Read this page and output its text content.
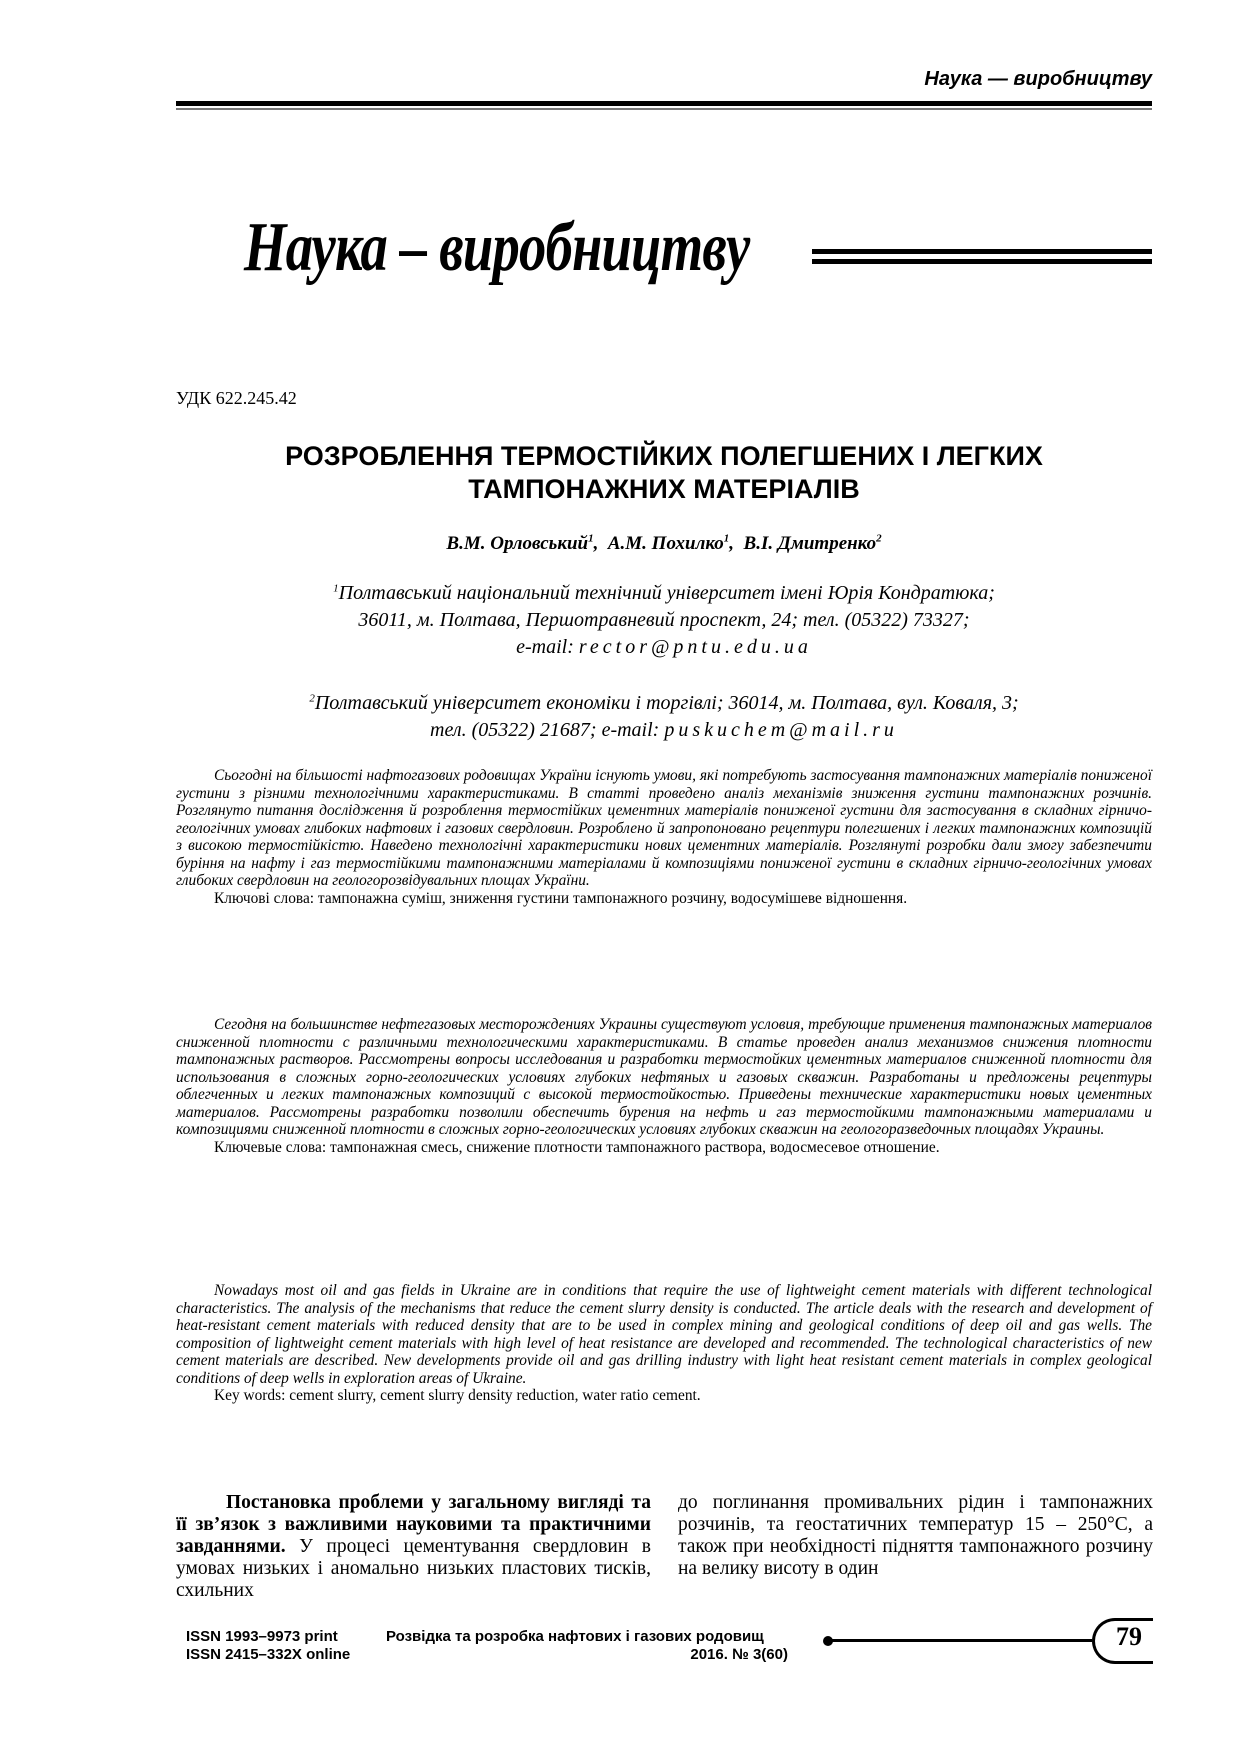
Наука — виробництву
Наука – виробництву
УДК 622.245.42
РОЗРОБЛЕННЯ ТЕРМОСТІЙКИХ ПОЛЕГШЕНИХ І ЛЕГКИХ
ТАМПОНАЖНИХ МАТЕРІАЛІВ
В.М. Орловський$^1$,  А.М. Похилко$^1$,  В.І. Дмитренко$^2$
$^1$Полтавський національний технічний університет імені Юрія Кондратюка;
36011, м. Полтава, Першотравневий проспект, 24; тел. (05322) 73327;
e-mail: rector@pntu.edu.ua
$^2$Полтавський університет економіки і торгівлі; 36014, м. Полтава, вул. Коваля, 3;
тел. (05322) 21687; e-mail: puskuchem@mail.ru

Сьогодні на більшості нафтогазових родовищах України існують умови, які потребують застосування тампонажних матеріалів пониженої густини з різними технологічними характеристиками. В статті проведено аналіз механізмів зниження густини тампонажних розчинів. Розглянуто питання дослідження й розроблення термостійких цементних матеріалів пониженої густини для застосування в складних гірничо-геологічних умовах глибоких нафтових і газових свердловин. Розроблено й запропоновано рецептури полегшених і легких тампонажних композицій з високою термостійкістю. Наведено технологічні характеристики нових цементних матеріалів. Розглянуті розробки дали змогу забезпечити буріння на нафту і газ термостійкими тампонажними матеріалами й композиціями пониженої густини в складних гірничо-геологічних умовах глибоких свердловин на геологорозвідувальних площах України.

Ключові слова: тампонажна суміш, зниження густини тампонажного розчину, водосумішеве відношення.

Сегодня на большинстве нефтегазовых месторождениях Украины существуют условия, требующие применения тампонажных материалов сниженной плотности с различными технологическими характеристиками. В статье проведен анализ механизмов снижения плотности тампонажных растворов. Рассмотрены вопросы исследования и разработки термостойких цементных материалов сниженной плотности для использования в сложных горно-геологических условиях глубоких нефтяных и газовых скважин. Разработаны и предложены рецептуры облегченных и легких тампонажных композиций с высокой термостойкостью. Приведены технические характеристики новых цементных материалов. Рассмотрены разработки позволили обеспечить бурения на нефть и газ термостойкими тампонажными материалами и композициями сниженной плотности в сложных горно-геологических условиях глубоких скважин на геологоразведочных площадях Украины.

Ключевые слова: тампонажная смесь, снижение плотности тампонажного раствора, водосмесевое отношение.

Nowadays most oil and gas fields in Ukraine are in conditions that require the use of lightweight cement materials with different technological characteristics. The analysis of the mechanisms that reduce the cement slurry density is conducted. The article deals with the research and development of heat-resistant cement materials with reduced density that are to be used in complex mining and geological conditions of deep oil and gas wells. The composition of lightweight cement materials with high level of heat resistance are developed and recommended. The technological characteristics of new cement materials are described. New developments provide oil and gas drilling industry with light heat resistant cement materials in complex geological conditions of deep wells in exploration areas of Ukraine.

Key words: cement slurry, cement slurry density reduction, water ratio cement.

Постановка проблеми у загальному вигляді та її зв’язок з важливими науковими та практичними завданнями. У процесі цементування свердловин в умовах низьких і аномально низьких пластових тисків, схильних

до поглинання промивальних рідин і тампонажних розчинів, та геостатичних температур 15 – 250°С, а також при необхідності підняття тампонажного розчину на велику висоту в один

ISSN 1993–9973 print
ISSN 2415–332X online
Розвідка та розробка нафтових і газових родовищ
2016. № 3(60)
79
